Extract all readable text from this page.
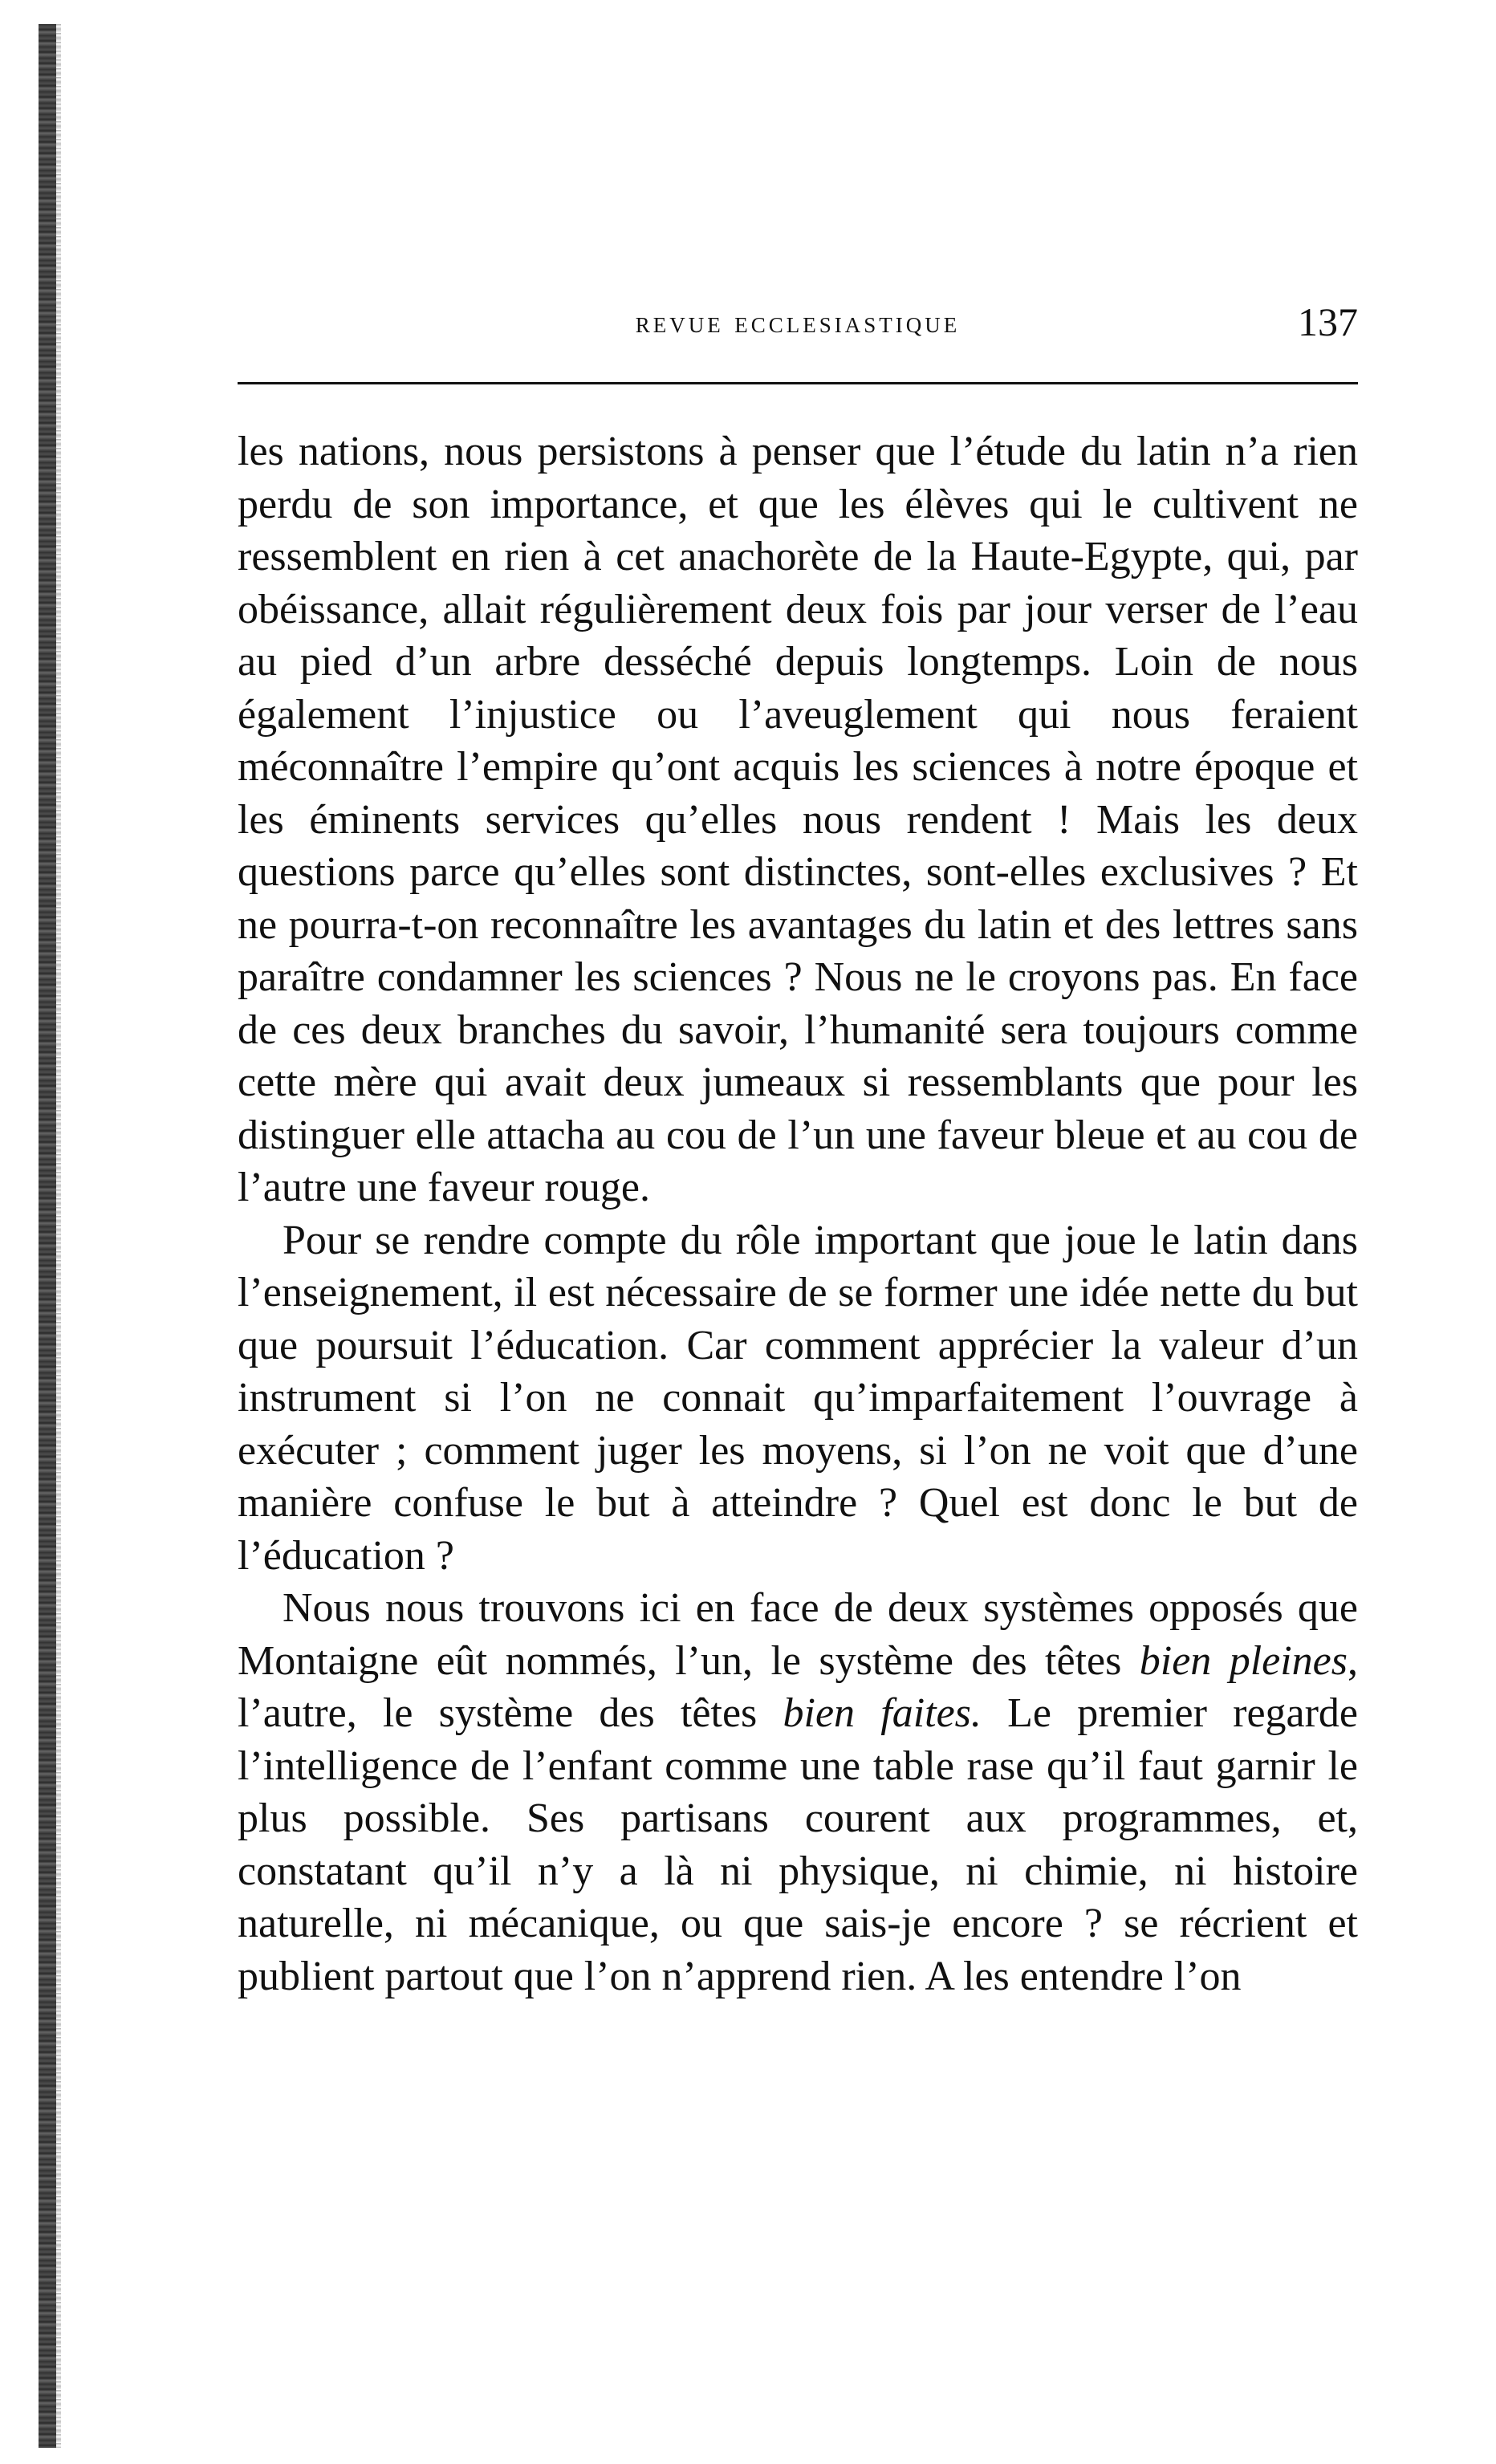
revue ecclesiastique	137

les nations, nous persistons à penser que l’étude du latin n’a rien perdu de son importance, et que les élèves qui le cultivent ne ressemblent en rien à cet anachorète de la Haute-Egypte, qui, par obéissance, allait régulièrement deux fois par jour verser de l’eau au pied d’un arbre desséché depuis longtemps. Loin de nous également l’injustice ou l’aveuglement qui nous feraient méconnaître l’empire qu’ont acquis les sciences à notre époque et les éminents services qu’elles nous rendent ! Mais les deux questions parce qu’elles sont distinctes, sont-elles exclusives ? Et ne pourra-t-on reconnaître les avantages du latin et des lettres sans paraître condamner les sciences ? Nous ne le croyons pas. En face de ces deux branches du savoir, l’humanité sera toujours comme cette mère qui avait deux jumeaux si ressemblants que pour les distinguer elle attacha au cou de l’un une faveur bleue et au cou de l’autre une faveur rouge.

Pour se rendre compte du rôle important que joue le latin dans l’enseignement, il est nécessaire de se former une idée nette du but que poursuit l’éducation. Car comment apprécier la valeur d’un instrument si l’on ne connait qu’imparfaitement l’ouvrage à exécuter ; comment juger les moyens, si l’on ne voit que d’une manière confuse le but à atteindre ? Quel est donc le but de l’éducation ?

Nous nous trouvons ici en face de deux systèmes opposés que Montaigne eût nommés, l’un, le système des têtes bien pleines, l’autre, le système des têtes bien faites. Le premier regarde l’intelligence de l’enfant comme une table rase qu’il faut garnir le plus possible. Ses partisans courent aux programmes, et, constatant qu’il n’y a là ni physique, ni chimie, ni histoire naturelle, ni mécanique, ou que sais-je encore ? se récrient et publient partout que l’on n’apprend rien. A les entendre l’on
